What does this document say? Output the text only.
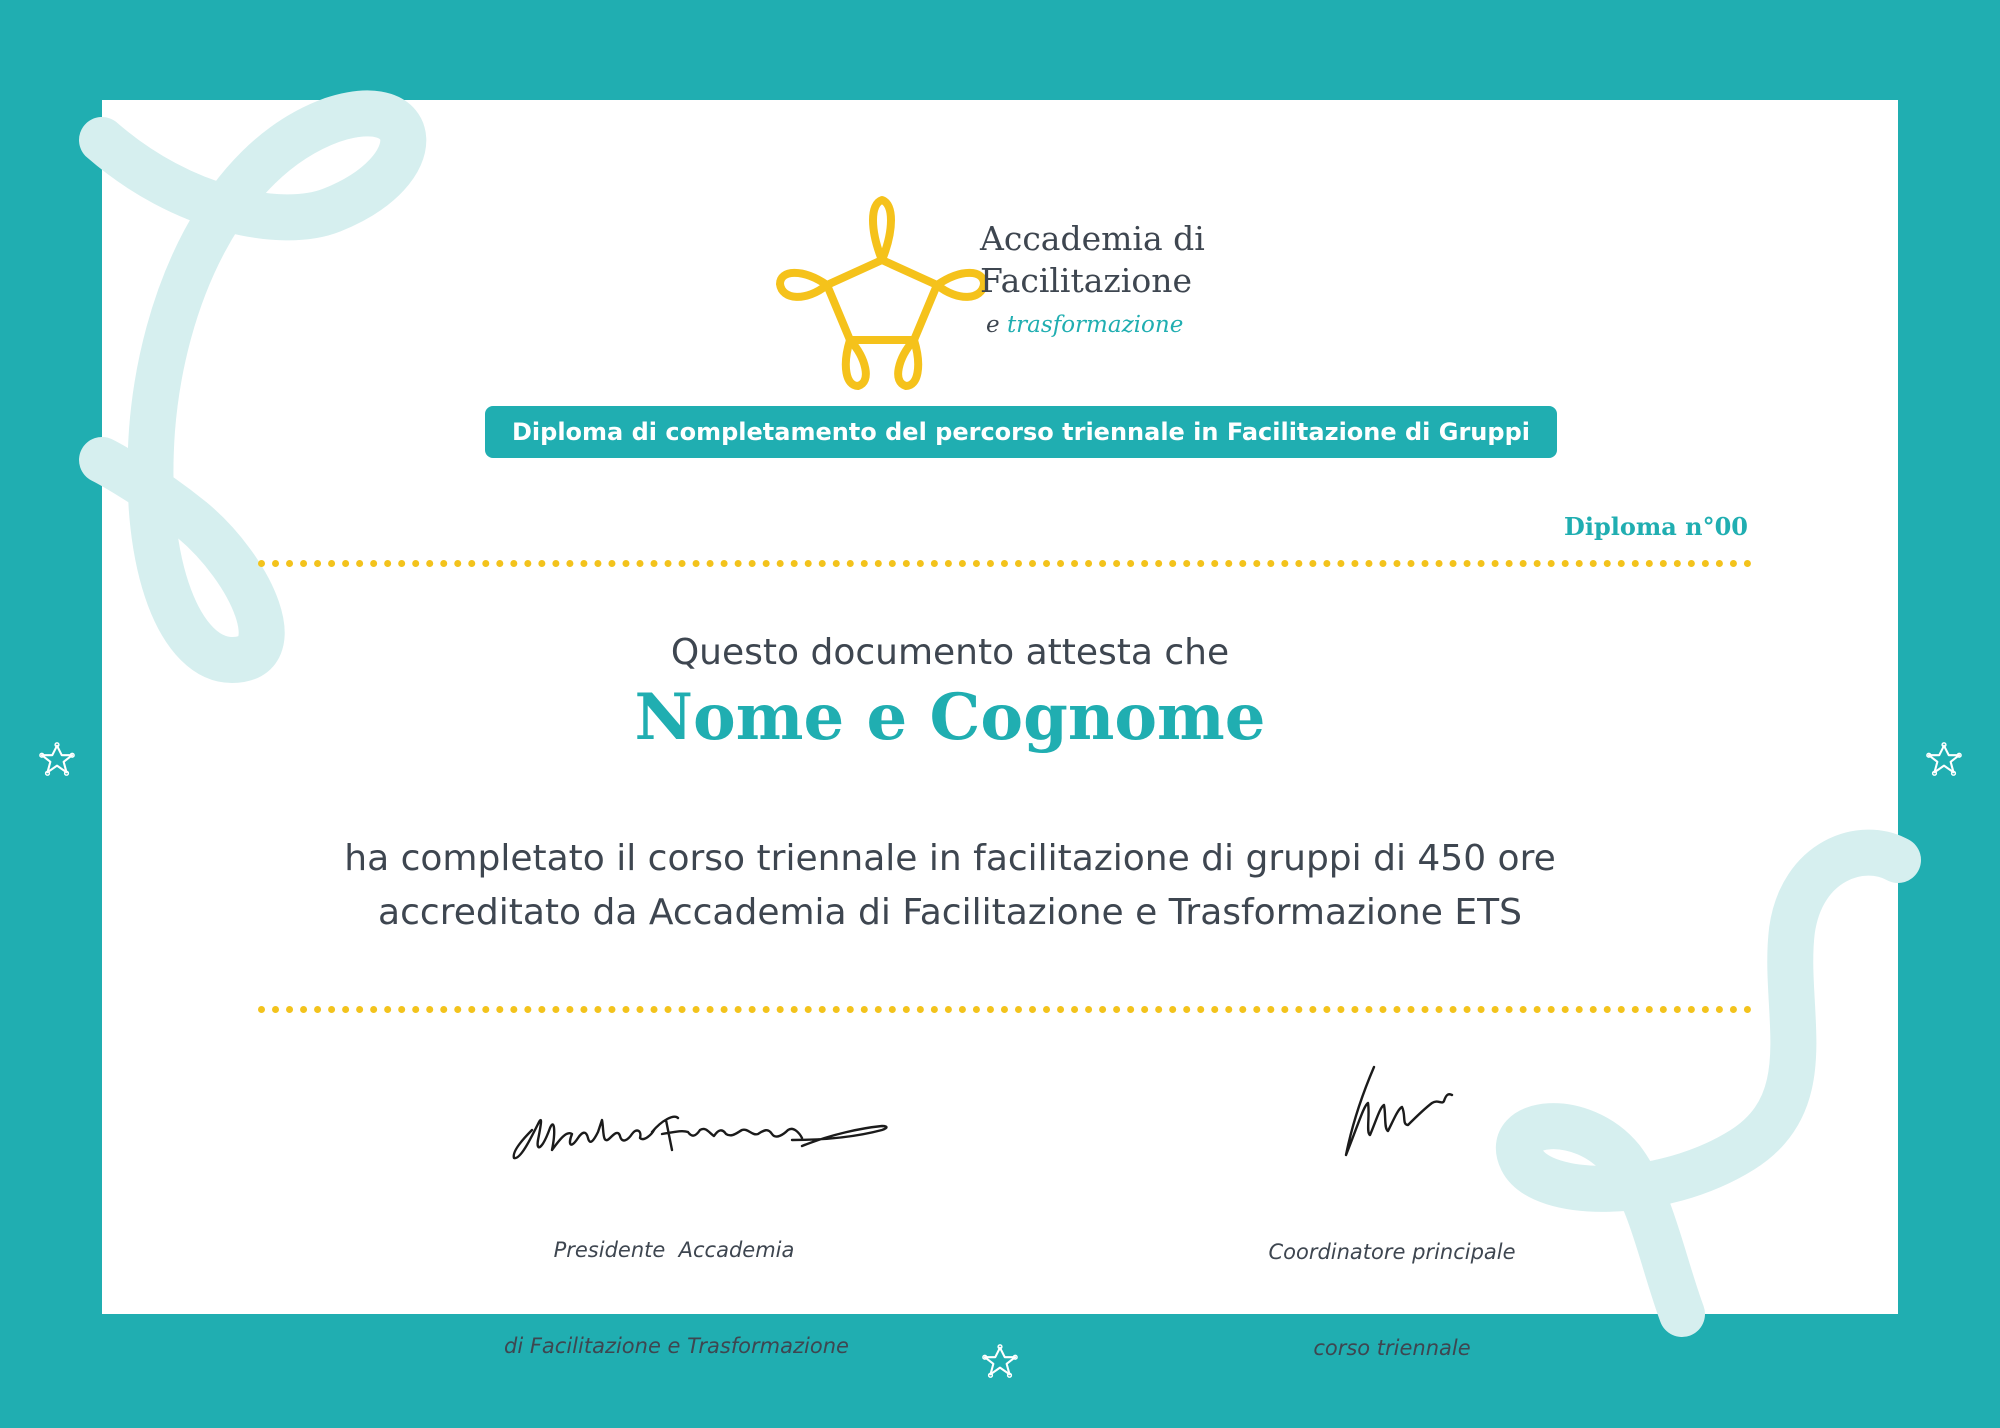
Accademia di
Facilitazione
e trasformazione
Diploma di completamento del percorso triennale in Facilitazione di Gruppi
Diploma n°00
Questo documento attesta che
Nome e Cognome
ha completato il corso triennale in facilitazione di gruppi di 450 ore
accreditato da Accademia di Facilitazione e Trasformazione ETS

Presidente  Accademia

di Facilitazione e Trasformazione

Coordinatore principale

corso triennale
